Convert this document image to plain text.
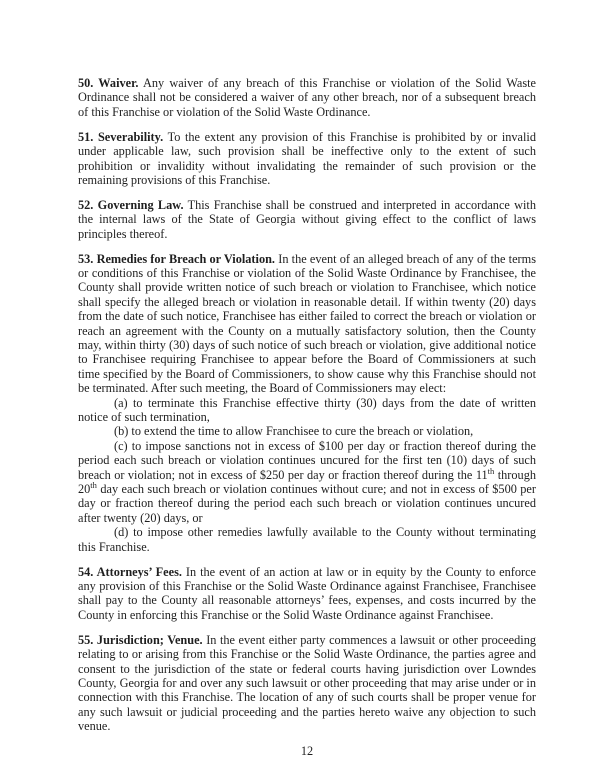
50. Waiver. Any waiver of any breach of this Franchise or violation of the Solid Waste Ordinance shall not be considered a waiver of any other breach, nor of a subsequent breach of this Franchise or violation of the Solid Waste Ordinance.

51. Severability. To the extent any provision of this Franchise is prohibited by or invalid under applicable law, such provision shall be ineffective only to the extent of such prohibition or invalidity without invalidating the remainder of such provision or the remaining provisions of this Franchise.

52. Governing Law. This Franchise shall be construed and interpreted in accordance with the internal laws of the State of Georgia without giving effect to the conflict of laws principles thereof.

53. Remedies for Breach or Violation. In the event of an alleged breach of any of the terms or conditions of this Franchise or violation of the Solid Waste Ordinance by Franchisee, the County shall provide written notice of such breach or violation to Franchisee, which notice shall specify the alleged breach or violation in reasonable detail. If within twenty (20) days from the date of such notice, Franchisee has either failed to correct the breach or violation or reach an agreement with the County on a mutually satisfactory solution, then the County may, within thirty (30) days of such notice of such breach or violation, give additional notice to Franchisee requiring Franchisee to appear before the Board of Commissioners at such time specified by the Board of Commissioners, to show cause why this Franchise should not be terminated. After such meeting, the Board of Commissioners may elect:

(a) to terminate this Franchise effective thirty (30) days from the date of written notice of such termination,

(b) to extend the time to allow Franchisee to cure the breach or violation,

(c) to impose sanctions not in excess of $100 per day or fraction thereof during the period each such breach or violation continues uncured for the first ten (10) days of such breach or violation; not in excess of $250 per day or fraction thereof during the 11th through 20th day each such breach or violation continues without cure; and not in excess of $500 per day or fraction thereof during the period each such breach or violation continues uncured after twenty (20) days, or

(d) to impose other remedies lawfully available to the County without terminating this Franchise.

54. Attorneys’ Fees. In the event of an action at law or in equity by the County to enforce any provision of this Franchise or the Solid Waste Ordinance against Franchisee, Franchisee shall pay to the County all reasonable attorneys’ fees, expenses, and costs incurred by the County in enforcing this Franchise or the Solid Waste Ordinance against Franchisee.

55. Jurisdiction; Venue. In the event either party commences a lawsuit or other proceeding relating to or arising from this Franchise or the Solid Waste Ordinance, the parties agree and consent to the jurisdiction of the state or federal courts having jurisdiction over Lowndes County, Georgia for and over any such lawsuit or other proceeding that may arise under or in connection with this Franchise. The location of any of such courts shall be proper venue for any such lawsuit or judicial proceeding and the parties hereto waive any objection to such venue.

12
